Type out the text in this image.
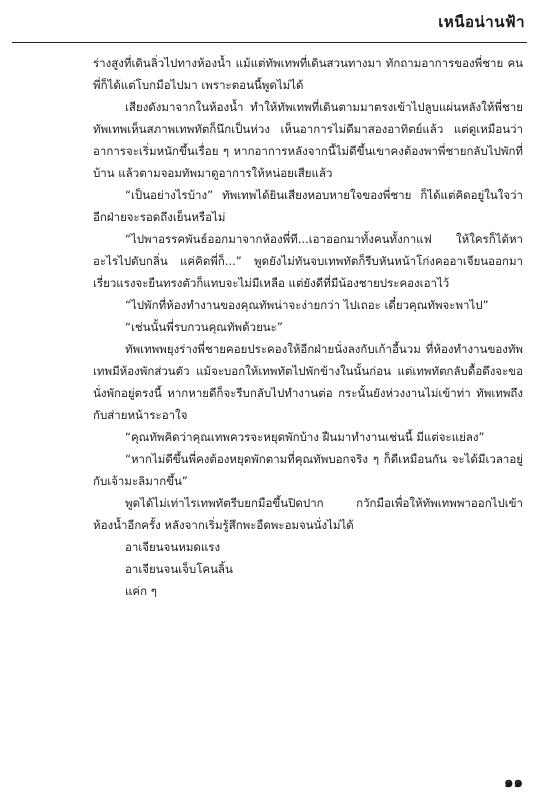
เหนือน่านฟ้า

ร่างสูงที่เดินลิ่วไปทางห้องน้ำ แม้แต่ทัพเทพที่เดินสวนทางมา ทักถามอาการของพี่ชาย คนพี่ก็ได้แต่โบกมือไปมา เพราะตอนนี้พูดไม่ได้

เสียงดังมาจากในห้องน้ำ ทำให้ทัพเทพที่เดินตามมาตรงเข้าไปลูบแผ่นหลังให้พี่ชาย ทัพเทพเห็นสภาพเทพทัตก็นึกเป็นห่วง เห็นอาการไม่ดีมาสองอาทิตย์แล้ว แต่ดูเหมือนว่าอาการจะเริ่มหนักขึ้นเรื่อย ๆ หากอาการหลังจากนี้ไม่ดีขึ้นเขาคงต้องพาพี่ชายกลับไปพักที่บ้าน แล้วตามจอมทัพมาดูอาการให้หน่อยเสียแล้ว

“เป็นอย่างไรบ้าง” ทัพเทพได้ยินเสียงหอบหายใจของพี่ชาย ก็ได้แต่คิดอยู่ในใจว่า อีกฝ่ายจะรอดถึงเย็นหรือไม่

“ไปพาอรรคพันธ์ออกมาจากห้องพี่ที...เอาออกมาทั้งคนทั้งกาแฟ ให้ใครก็ได้หาอะไรไปดับกลิ่น แค่คิดพี่ก็...” พูดยังไม่ทันจบเทพทัตก็รีบหันหน้าโก่งคออาเจียนออกมา เรี่ยวแรงจะยืนทรงตัวก็แทบจะไม่มีเหลือ แต่ยังดีที่มีน้องชายประคองเอาไว้

“ไปพักที่ห้องทำงานของคุณทัพน่าจะง่ายกว่า ไปเถอะ เดี๋ยวคุณทัพจะพาไป”

“เช่นนั้นพี่รบกวนคุณทัพด้วยนะ”

ทัพเทพพยุงร่างพี่ชายคอยประคองให้อีกฝ่ายนั่งลงกับเก้าอี้นวม ที่ห้องทำงานของทัพเทพมีห้องพักส่วนตัว แม้จะบอกให้เทพทัตไปพักข้างในนั้นก่อน แต่เทพทัตกลับดื้อดึงจะขอนั่งพักอยู่ตรงนี้ หากหายดีก็จะรีบกลับไปทำงานต่อ กระนั้นยังห่วงงานไม่เข้าท่า ทัพเทพถึงกับส่ายหน้าระอาใจ

“คุณทัพคิดว่าคุณเทพควรจะหยุดพักบ้าง ฝืนมาทำงานเช่นนี้ มีแต่จะแย่ลง”

“หากไม่ดีขึ้นพี่คงต้องหยุดพักตามที่คุณทัพบอกจริง ๆ ก็ดีเหมือนกัน จะได้มีเวลาอยู่กับเจ้ามะลิมากขึ้น”

พูดได้ไม่เท่าไรเทพทัตรีบยกมือขึ้นปิดปาก กวักมือเพื่อให้ทัพเทพพาออกไปเข้าห้องน้ำอีกครั้ง หลังจากเริ่มรู้สึกพะอืดพะอมจนนั่งไม่ได้

อาเจียนจนหมดแรง

อาเจียนจนเจ็บโคนลิ้น

แค่ก ๆ

๑๑
